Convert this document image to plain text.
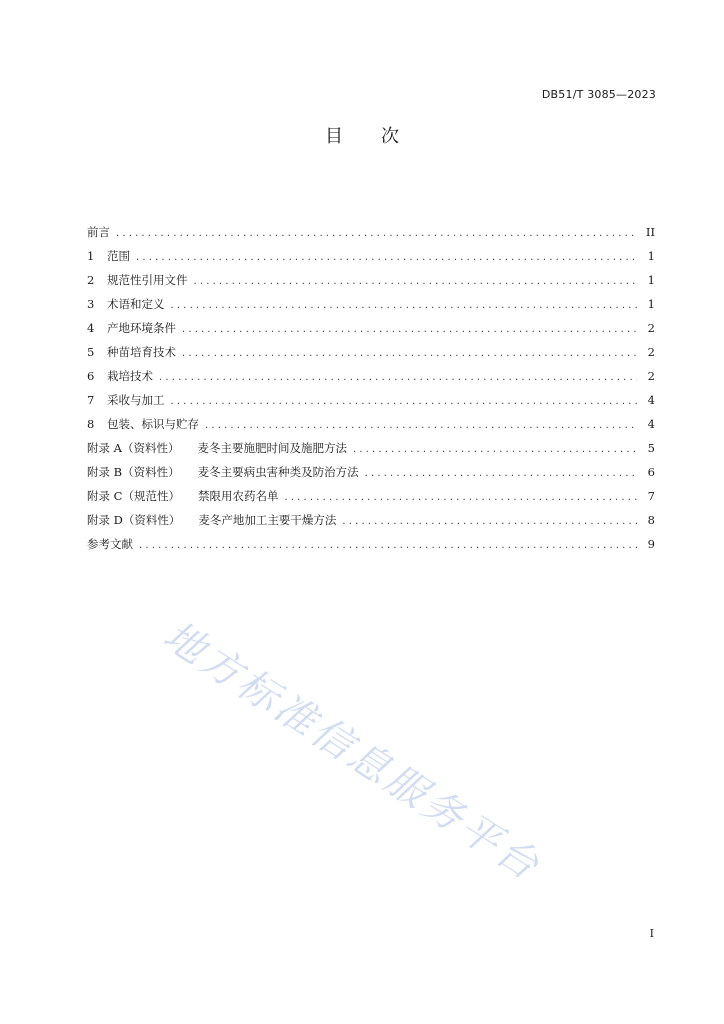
DB51/T 3085—2023
目 次
前言 . . .	II
1 范围 . . .	1
2 规范性引用文件 . . .	1
3 术语和定义 . . .	1
4 产地环境条件 . . .	2
5 种苗培育技术 . . .	2
6 栽培技术 . . .	2
7 采收与加工 . . .	4
8 包装、标识与贮存 . . .	4
附录 A（资料性） 麦冬主要施肥时间及施肥方法 . . .	5
附录 B（资料性） 麦冬主要病虫害种类及防治方法 . . .	6
附录 C（规范性） 禁限用农药名单 . . .	7
附录 D（资料性） 麦冬产地加工主要干燥方法 . . .	8
参考文献 . . .	9
地方标准信息服务平台
I
